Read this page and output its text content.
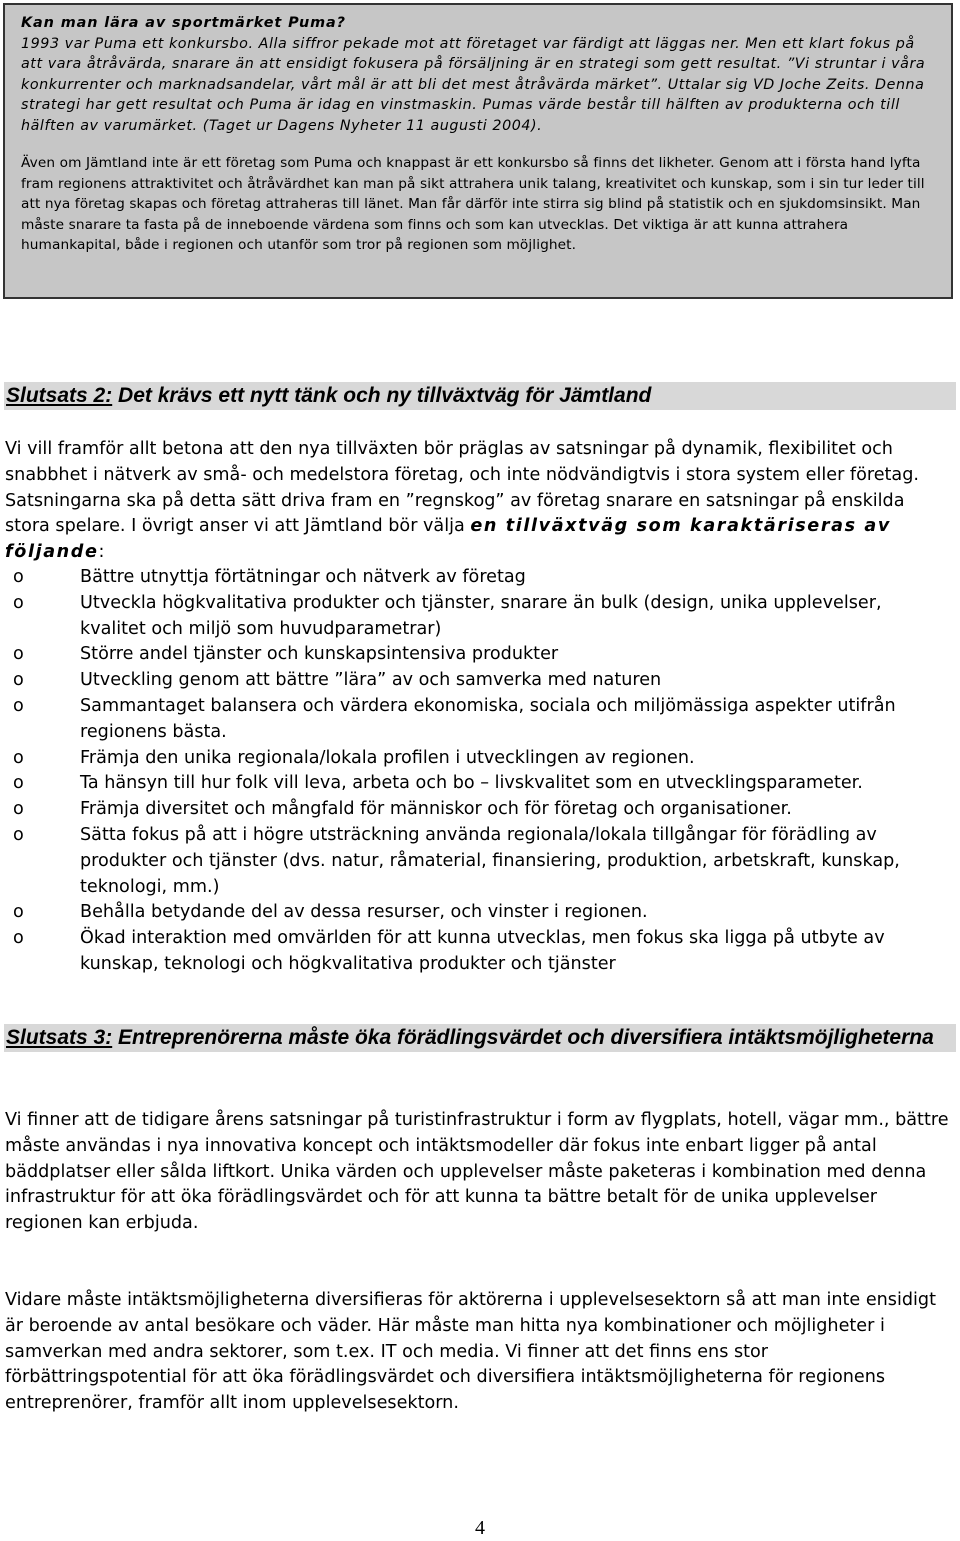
Kan man lära av sportmärket Puma?

1993 var Puma ett konkursbo. Alla siffror pekade mot att företaget var färdigt att läggas ner. Men ett klart fokus på att vara åtråvärda, snarare än att ensidigt fokusera på försäljning är en strategi som gett resultat. ”Vi struntar i våra konkurrenter och marknadsandelar, vårt mål är att bli det mest åtråvärda märket”. Uttalar sig VD Joche Zeits. Denna strategi har gett resultat och Puma är idag en vinstmaskin. Pumas värde består till hälften av produkterna och till hälften av varumärket. (Taget ur Dagens Nyheter 11 augusti 2004).

Även om Jämtland inte är ett företag som Puma och knappast är ett konkursbo så finns det likheter. Genom att i första hand lyfta fram regionens attraktivitet och åtråvärdhet kan man på sikt attrahera unik talang, kreativitet och kunskap, som i sin tur leder till att nya företag skapas och företag attraheras till länet. Man får därför inte stirra sig blind på statistik och en sjukdomsinsikt. Man måste snarare ta fasta på de inneboende värdena som finns och som kan utvecklas. Det viktiga är att kunna attrahera humankapital, både i regionen och utanför som tror på regionen som möjlighet.

Slutsats 2: Det krävs ett nytt tänk och ny tillväxtväg för Jämtland

Vi vill framför allt betona att den nya tillväxten bör präglas av satsningar på dynamik, flexibilitet och snabbhet i nätverk av små- och medelstora företag, och inte nödvändigtvis i stora system eller företag. Satsningarna ska på detta sätt driva fram en ”regnskog” av företag snarare en satsningar på enskilda stora spelare. I övrigt anser vi att Jämtland bör välja en tillväxtväg som karaktäriseras av följande:

o	Bättre utnyttja förtätningar och nätverk av företag
o	Utveckla högkvalitativa produkter och tjänster, snarare än bulk (design, unika upplevelser, kvalitet och miljö som huvudparametrar)
o	Större andel tjänster och kunskapsintensiva produkter
o	Utveckling genom att bättre ”lära” av och samverka med naturen
o	Sammantaget balansera och värdera ekonomiska, sociala och miljömässiga aspekter utifrån regionens bästa.
o	Främja den unika regionala/lokala profilen i utvecklingen av regionen.
o	Ta hänsyn till hur folk vill leva, arbeta och bo – livskvalitet som en utvecklingsparameter.
o	Främja diversitet och mångfald för människor och för företag och organisationer.
o	Sätta fokus på att i högre utsträckning använda regionala/lokala tillgångar för förädling av produkter och tjänster (dvs. natur, råmaterial, finansiering, produktion, arbetskraft, kunskap, teknologi, mm.)
o	Behålla betydande del av dessa resurser, och vinster i regionen.
o	Ökad interaktion med omvärlden för att kunna utvecklas, men fokus ska ligga på utbyte av kunskap, teknologi och högkvalitativa produkter och tjänster
Slutsats 3: Entreprenörerna måste öka förädlingsvärdet och diversifiera intäktsmöjligheterna

Vi finner att de tidigare årens satsningar på turistinfrastruktur i form av flygplats, hotell, vägar mm., bättre måste användas i nya innovativa koncept och intäktsmodeller där fokus inte enbart ligger på antal bäddplatser eller sålda liftkort. Unika värden och upplevelser måste paketeras i kombination med denna infrastruktur för att öka förädlingsvärdet och för att kunna ta bättre betalt för de unika upplevelser regionen kan erbjuda.

Vidare måste intäktsmöjligheterna diversifieras för aktörerna i upplevelsesektorn så att man inte ensidigt är beroende av antal besökare och väder. Här måste man hitta nya kombinationer och möjligheter i samverkan med andra sektorer, som t.ex. IT och media. Vi finner att det finns ens stor förbättringspotential för att öka förädlingsvärdet och diversifiera intäktsmöjligheterna för regionens entreprenörer, framför allt inom upplevelsesektorn.

4
